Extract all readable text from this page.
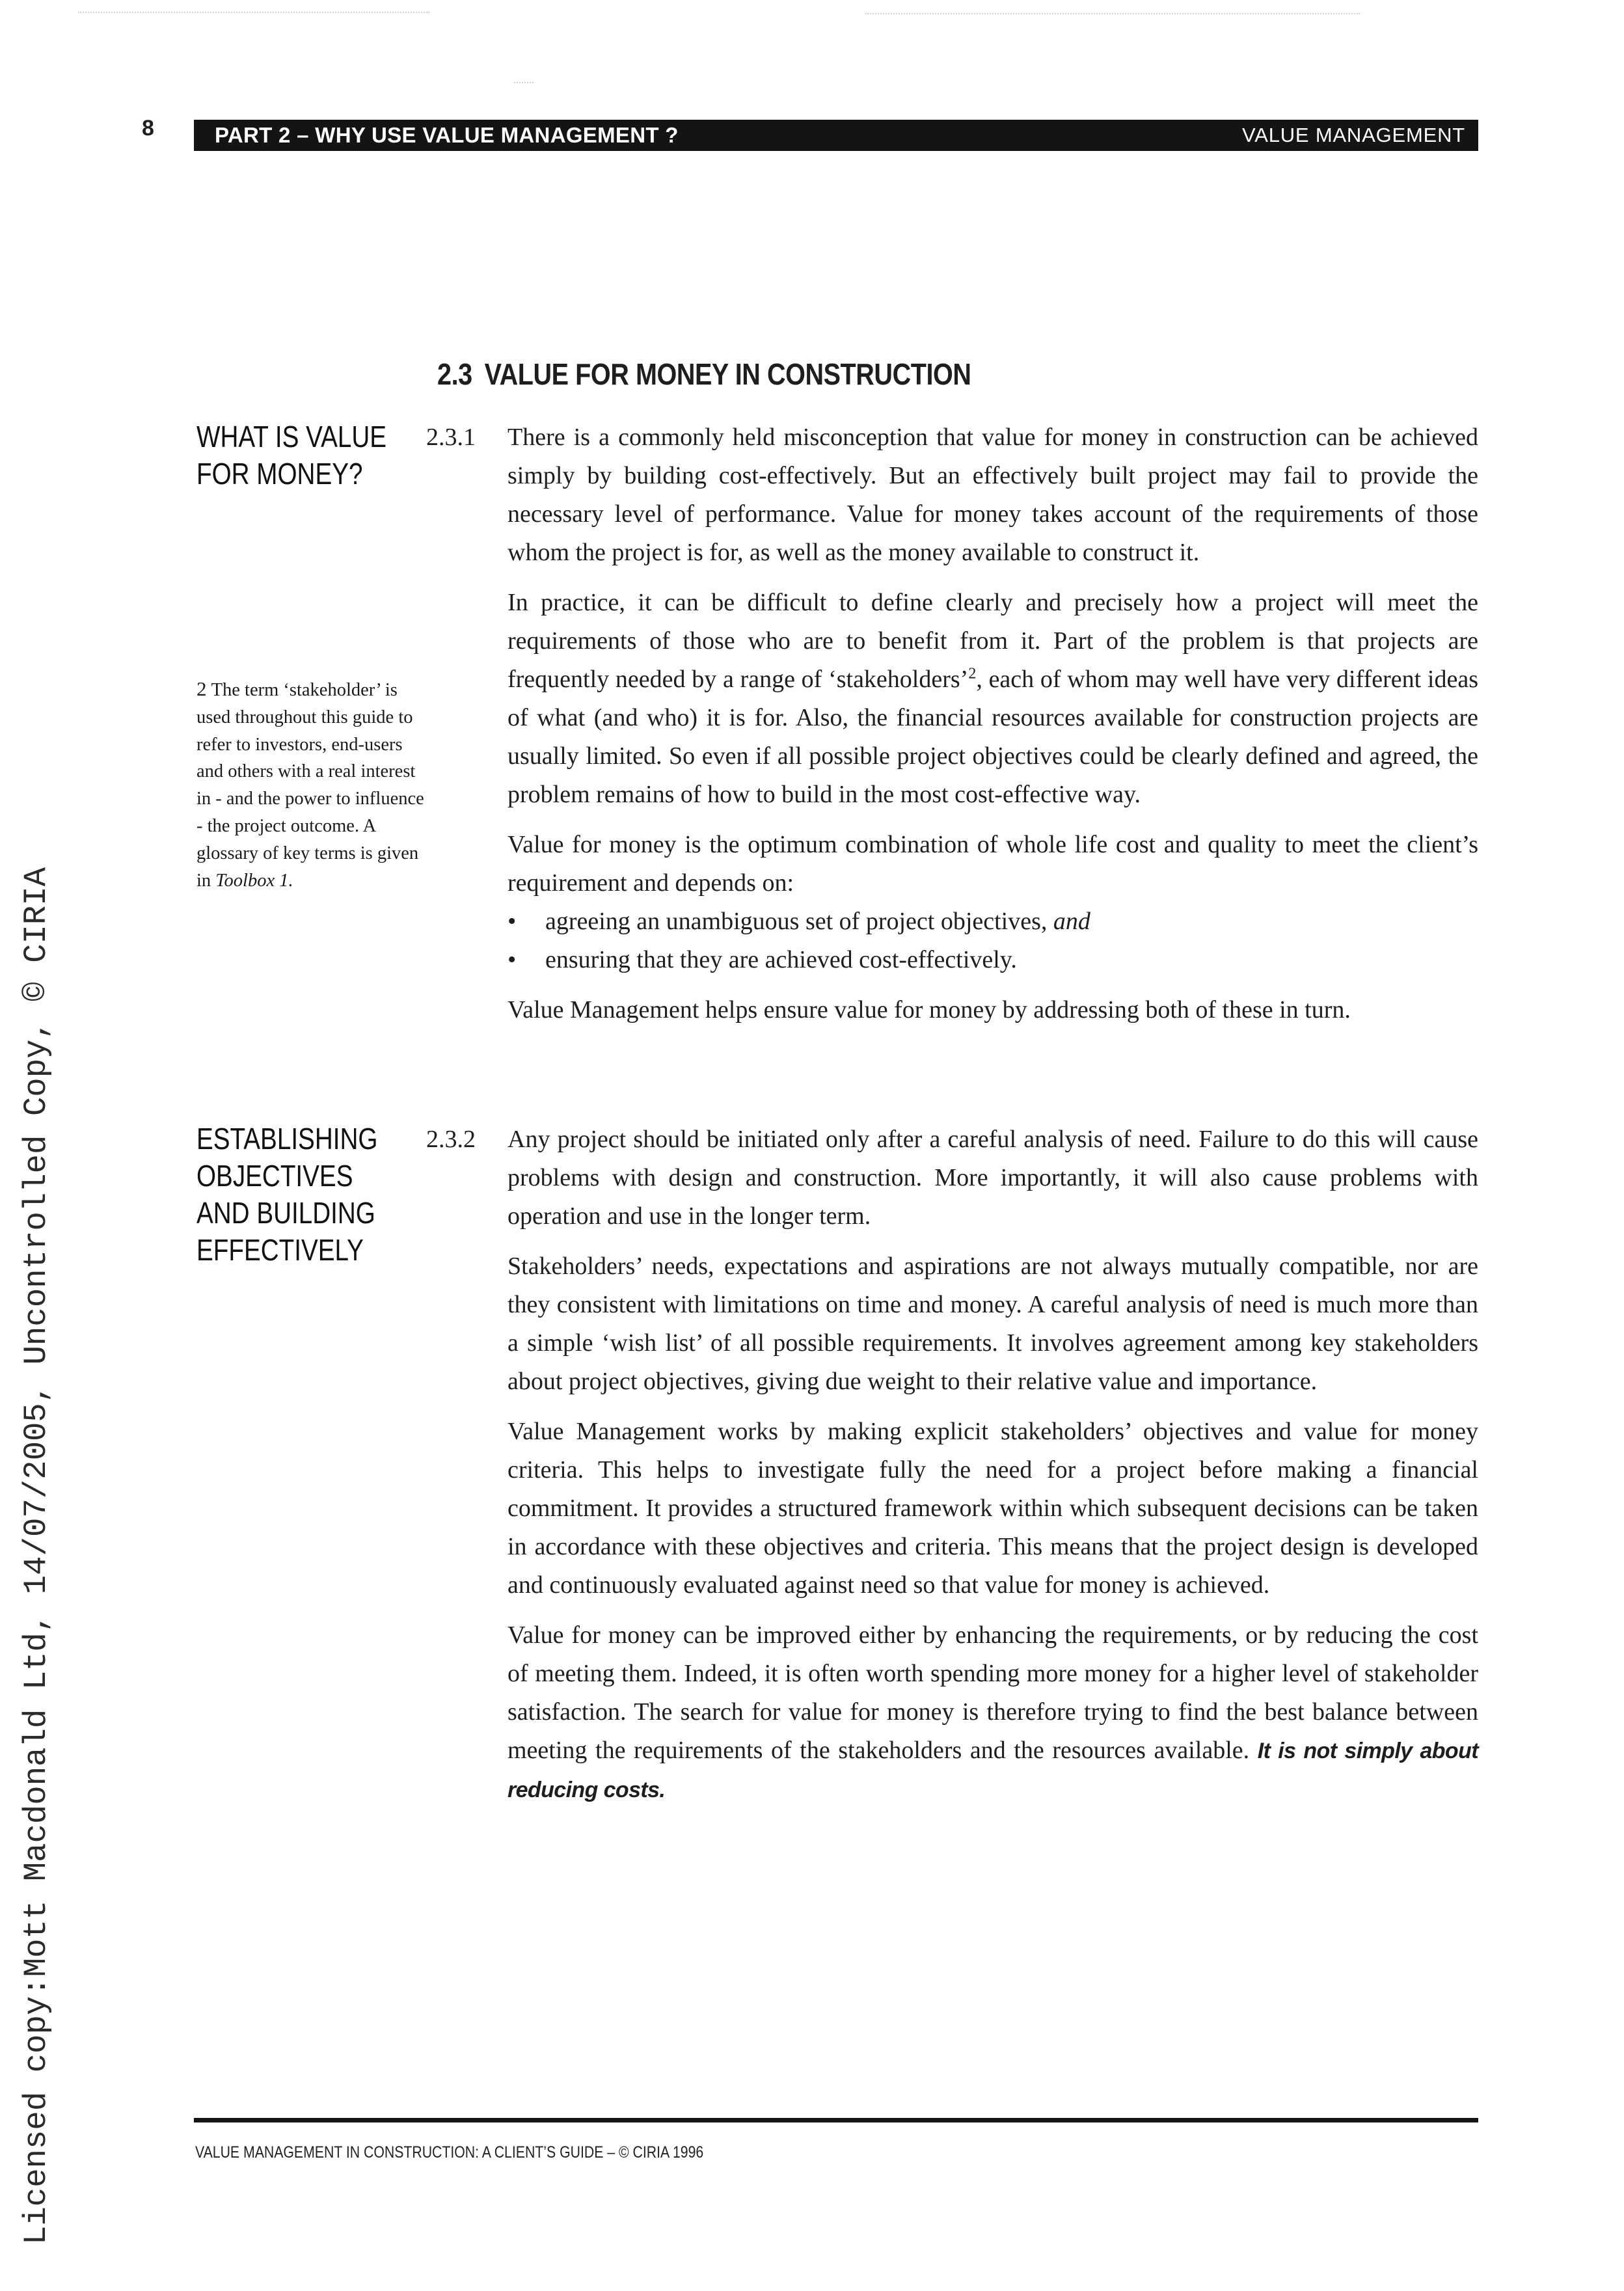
8	PART 2 – WHY USE VALUE MANAGEMENT ?	VALUE MANAGEMENT
2.3 VALUE FOR MONEY IN CONSTRUCTION
WHAT IS VALUE FOR MONEY?

2 The term ‘stakeholder’ is used throughout this guide to refer to investors, end-users and others with a real interest in - and the power to influence - the project outcome. A glossary of key terms is given in Toolbox 1.

ESTABLISHING OBJECTIVES AND BUILDING EFFECTIVELY
2.3.1
2.3.2

There is a commonly held misconception that value for money in construction can be achieved simply by building cost-effectively. But an effectively built project may fail to provide the necessary level of performance. Value for money takes account of the requirements of those whom the project is for, as well as the money available to construct it.

In practice, it can be difficult to define clearly and precisely how a project will meet the requirements of those who are to benefit from it. Part of the problem is that projects are frequently needed by a range of ‘stakeholders’$^2$, each of whom may well have very different ideas of what (and who) it is for. Also, the financial resources available for construction projects are usually limited. So even if all possible project objectives could be clearly defined and agreed, the problem remains of how to build in the most cost-effective way.

Value for money is the optimum combination of whole life cost and quality to meet the client’s requirement and depends on:

• agreeing an unambiguous set of project objectives, and
• ensuring that they are achieved cost-effectively.

Value Management helps ensure value for money by addressing both of these in turn.

Any project should be initiated only after a careful analysis of need. Failure to do this will cause problems with design and construction. More importantly, it will also cause problems with operation and use in the longer term.

Stakeholders’ needs, expectations and aspirations are not always mutually compatible, nor are they consistent with limitations on time and money. A careful analysis of need is much more than a simple ‘wish list’ of all possible requirements. It involves agreement among key stakeholders about project objectives, giving due weight to their relative value and importance.

Value Management works by making explicit stakeholders’ objectives and value for money criteria. This helps to investigate fully the need for a project before making a financial commitment. It provides a structured framework within which subsequent decisions can be taken in accordance with these objectives and criteria. This means that the project design is developed and continuously evaluated against need so that value for money is achieved.

Value for money can be improved either by enhancing the requirements, or by reducing the cost of meeting them. Indeed, it is often worth spending more money for a higher level of stakeholder satisfaction. The search for value for money is therefore trying to find the best balance between meeting the requirements of the stakeholders and the resources available. It is not simply about reducing costs.

VALUE MANAGEMENT IN CONSTRUCTION: A CLIENT’S GUIDE – © CIRIA 1996
Licensed copy:Mott Macdonald Ltd, 14/07/2005, Uncontrolled Copy, © CIRIA
